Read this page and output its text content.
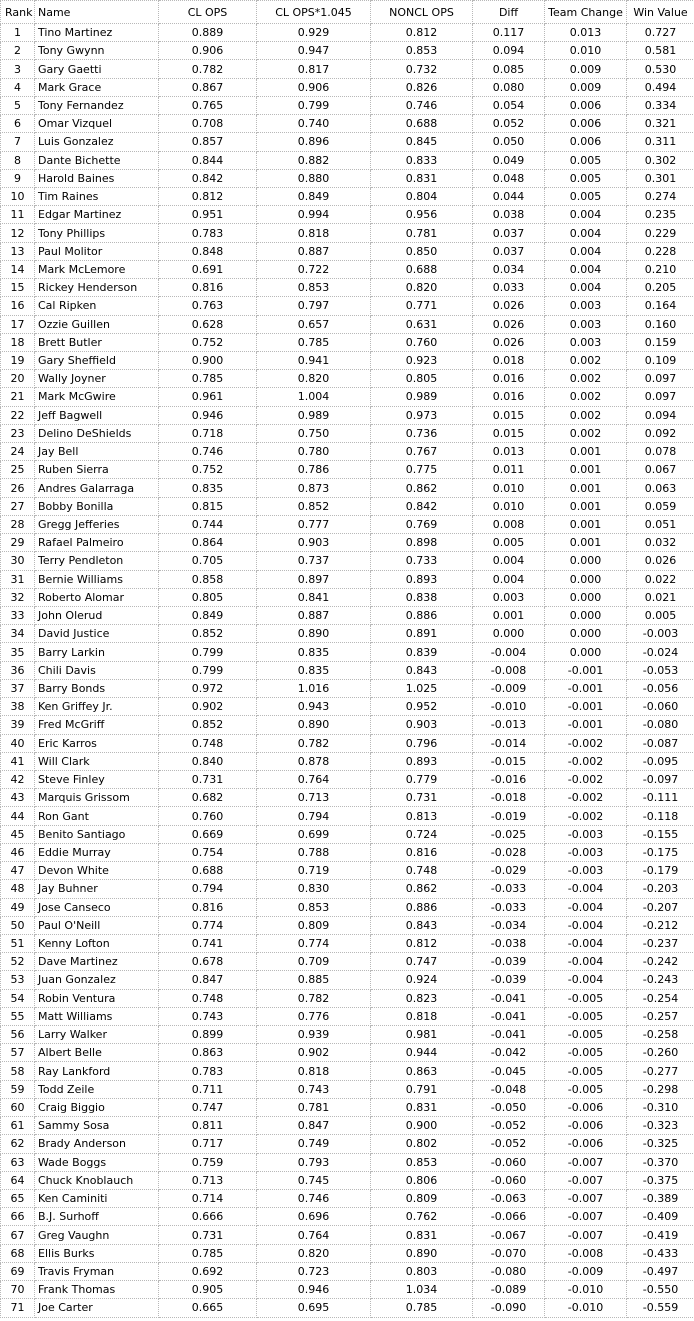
Rank	Name	CL OPS	CL OPS*1.045	NONCL OPS	Diff	Team Change	Win Value
1	Tino Martinez	0.889	0.929	0.812	0.117	0.013	0.727
2	Tony Gwynn	0.906	0.947	0.853	0.094	0.010	0.581
3	Gary Gaetti	0.782	0.817	0.732	0.085	0.009	0.530
4	Mark Grace	0.867	0.906	0.826	0.080	0.009	0.494
5	Tony Fernandez	0.765	0.799	0.746	0.054	0.006	0.334
6	Omar Vizquel	0.708	0.740	0.688	0.052	0.006	0.321
7	Luis Gonzalez	0.857	0.896	0.845	0.050	0.006	0.311
8	Dante Bichette	0.844	0.882	0.833	0.049	0.005	0.302
9	Harold Baines	0.842	0.880	0.831	0.048	0.005	0.301
10	Tim Raines	0.812	0.849	0.804	0.044	0.005	0.274
11	Edgar Martinez	0.951	0.994	0.956	0.038	0.004	0.235
12	Tony Phillips	0.783	0.818	0.781	0.037	0.004	0.229
13	Paul Molitor	0.848	0.887	0.850	0.037	0.004	0.228
14	Mark McLemore	0.691	0.722	0.688	0.034	0.004	0.210
15	Rickey Henderson	0.816	0.853	0.820	0.033	0.004	0.205
16	Cal Ripken	0.763	0.797	0.771	0.026	0.003	0.164
17	Ozzie Guillen	0.628	0.657	0.631	0.026	0.003	0.160
18	Brett Butler	0.752	0.785	0.760	0.026	0.003	0.159
19	Gary Sheffield	0.900	0.941	0.923	0.018	0.002	0.109
20	Wally Joyner	0.785	0.820	0.805	0.016	0.002	0.097
21	Mark McGwire	0.961	1.004	0.989	0.016	0.002	0.097
22	Jeff Bagwell	0.946	0.989	0.973	0.015	0.002	0.094
23	Delino DeShields	0.718	0.750	0.736	0.015	0.002	0.092
24	Jay Bell	0.746	0.780	0.767	0.013	0.001	0.078
25	Ruben Sierra	0.752	0.786	0.775	0.011	0.001	0.067
26	Andres Galarraga	0.835	0.873	0.862	0.010	0.001	0.063
27	Bobby Bonilla	0.815	0.852	0.842	0.010	0.001	0.059
28	Gregg Jefferies	0.744	0.777	0.769	0.008	0.001	0.051
29	Rafael Palmeiro	0.864	0.903	0.898	0.005	0.001	0.032
30	Terry Pendleton	0.705	0.737	0.733	0.004	0.000	0.026
31	Bernie Williams	0.858	0.897	0.893	0.004	0.000	0.022
32	Roberto Alomar	0.805	0.841	0.838	0.003	0.000	0.021
33	John Olerud	0.849	0.887	0.886	0.001	0.000	0.005
34	David Justice	0.852	0.890	0.891	0.000	0.000	-0.003
35	Barry Larkin	0.799	0.835	0.839	-0.004	0.000	-0.024
36	Chili Davis	0.799	0.835	0.843	-0.008	-0.001	-0.053
37	Barry Bonds	0.972	1.016	1.025	-0.009	-0.001	-0.056
38	Ken Griffey Jr.	0.902	0.943	0.952	-0.010	-0.001	-0.060
39	Fred McGriff	0.852	0.890	0.903	-0.013	-0.001	-0.080
40	Eric Karros	0.748	0.782	0.796	-0.014	-0.002	-0.087
41	Will Clark	0.840	0.878	0.893	-0.015	-0.002	-0.095
42	Steve Finley	0.731	0.764	0.779	-0.016	-0.002	-0.097
43	Marquis Grissom	0.682	0.713	0.731	-0.018	-0.002	-0.111
44	Ron Gant	0.760	0.794	0.813	-0.019	-0.002	-0.118
45	Benito Santiago	0.669	0.699	0.724	-0.025	-0.003	-0.155
46	Eddie Murray	0.754	0.788	0.816	-0.028	-0.003	-0.175
47	Devon White	0.688	0.719	0.748	-0.029	-0.003	-0.179
48	Jay Buhner	0.794	0.830	0.862	-0.033	-0.004	-0.203
49	Jose Canseco	0.816	0.853	0.886	-0.033	-0.004	-0.207
50	Paul O'Neill	0.774	0.809	0.843	-0.034	-0.004	-0.212
51	Kenny Lofton	0.741	0.774	0.812	-0.038	-0.004	-0.237
52	Dave Martinez	0.678	0.709	0.747	-0.039	-0.004	-0.242
53	Juan Gonzalez	0.847	0.885	0.924	-0.039	-0.004	-0.243
54	Robin Ventura	0.748	0.782	0.823	-0.041	-0.005	-0.254
55	Matt Williams	0.743	0.776	0.818	-0.041	-0.005	-0.257
56	Larry Walker	0.899	0.939	0.981	-0.041	-0.005	-0.258
57	Albert Belle	0.863	0.902	0.944	-0.042	-0.005	-0.260
58	Ray Lankford	0.783	0.818	0.863	-0.045	-0.005	-0.277
59	Todd Zeile	0.711	0.743	0.791	-0.048	-0.005	-0.298
60	Craig Biggio	0.747	0.781	0.831	-0.050	-0.006	-0.310
61	Sammy Sosa	0.811	0.847	0.900	-0.052	-0.006	-0.323
62	Brady Anderson	0.717	0.749	0.802	-0.052	-0.006	-0.325
63	Wade Boggs	0.759	0.793	0.853	-0.060	-0.007	-0.370
64	Chuck Knoblauch	0.713	0.745	0.806	-0.060	-0.007	-0.375
65	Ken Caminiti	0.714	0.746	0.809	-0.063	-0.007	-0.389
66	B.J. Surhoff	0.666	0.696	0.762	-0.066	-0.007	-0.409
67	Greg Vaughn	0.731	0.764	0.831	-0.067	-0.007	-0.419
68	Ellis Burks	0.785	0.820	0.890	-0.070	-0.008	-0.433
69	Travis Fryman	0.692	0.723	0.803	-0.080	-0.009	-0.497
70	Frank Thomas	0.905	0.946	1.034	-0.089	-0.010	-0.550
71	Joe Carter	0.665	0.695	0.785	-0.090	-0.010	-0.559
